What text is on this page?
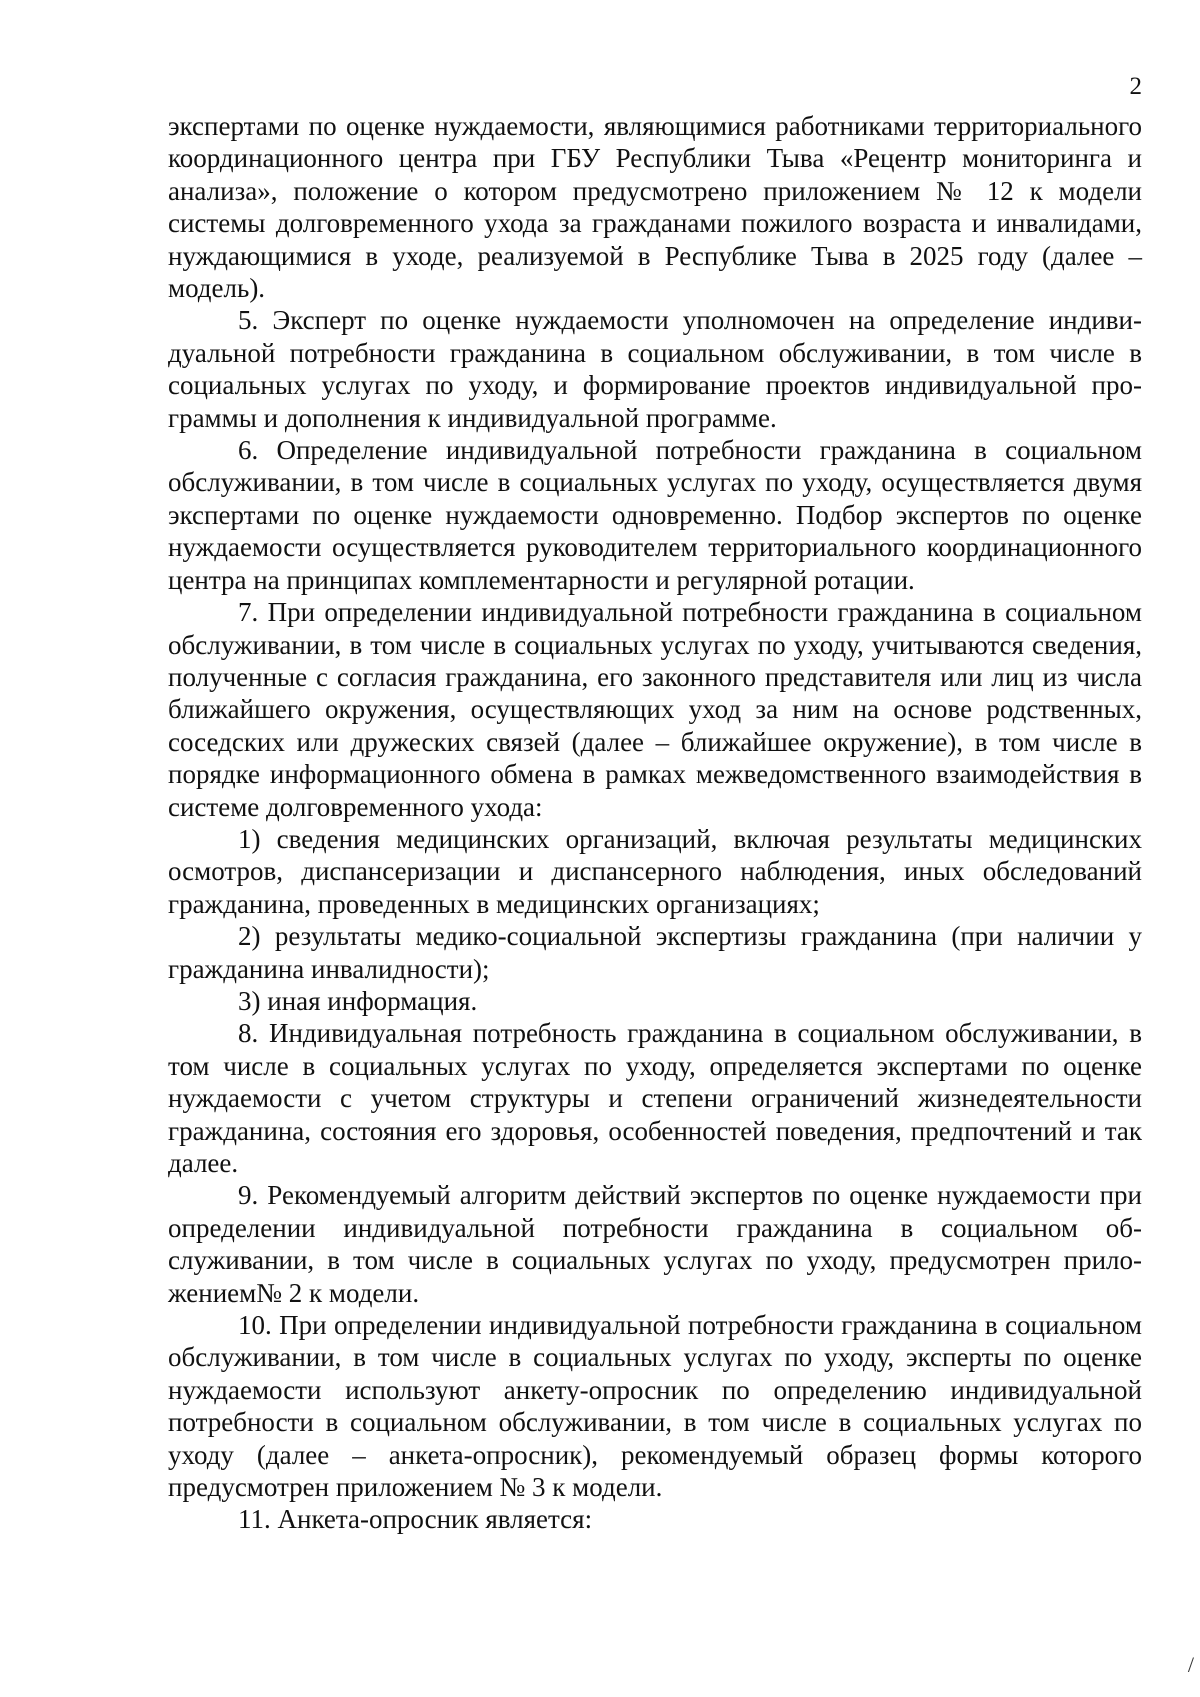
2

экспертами по оценке нуждаемости, являющимися работниками территориального координационного центра при ГБУ Республики Тыва «Рецентр мониторинга и анализа», положение о котором предусмотрено приложением № 12 к модели системы долговременного ухода за гражданами пожилого возраста и инвалидами, нуждающимися в уходе, реализуемой в Республике Тыва в 2025 году (далее – модель).

5. Эксперт по оценке нуждаемости уполномочен на определение индивидуальной потребности гражданина в социальном обслуживании, в том числе в социальных услугах по уходу, и формирование проектов индивидуальной программы и дополнения к индивидуальной программе.

6. Определение индивидуальной потребности гражданина в социальном обслуживании, в том числе в социальных услугах по уходу, осуществляется двумя экспертами по оценке нуждаемости одновременно. Подбор экспертов по оценке нуждаемости осуществляется руководителем территориального координационного центра на принципах комплементарности и регулярной ротации.

7. При определении индивидуальной потребности гражданина в социальном обслуживании, в том числе в социальных услугах по уходу, учитываются сведения, полученные с согласия гражданина, его законного представителя или лиц из числа ближайшего окружения, осуществляющих уход за ним на основе родственных, соседских или дружеских связей (далее – ближайшее окружение), в том числе в порядке информационного обмена в рамках межведомственного взаимодействия в системе долговременного ухода:

1) сведения медицинских организаций, включая результаты медицинских осмотров, диспансеризации и диспансерного наблюдения, иных обследований гражданина, проведенных в медицинских организациях;

2) результаты медико-социальной экспертизы гражданина (при наличии у гражданина инвалидности);

3) иная информация.

8. Индивидуальная потребность гражданина в социальном обслуживании, в том числе в социальных услугах по уходу, определяется экспертами по оценке нуждаемости с учетом структуры и степени ограничений жизнедеятельности гражданина, состояния его здоровья, особенностей поведения, предпочтений и так далее.

9. Рекомендуемый алгоритм действий экспертов по оценке нуждаемости при определении индивидуальной потребности гражданина в социальном обслуживании, в том числе в социальных услугах по уходу, предусмотрен приложением№ 2 к модели.

10. При определении индивидуальной потребности гражданина в социальном обслуживании, в том числе в социальных услугах по уходу, эксперты по оценке нуждаемости используют анкету-опросник по определению индивидуальной потребности в социальном обслуживании, в том числе в социальных услугах по уходу (далее – анкета-опросник), рекомендуемый образец формы которого предусмотрен приложением № 3 к модели.

11. Анкета-опросник является:

/
